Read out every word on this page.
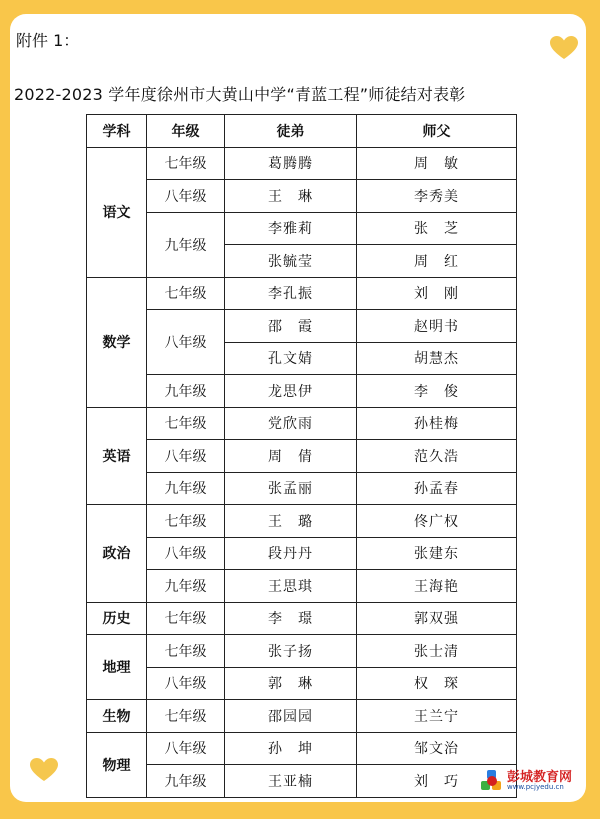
附件 1：
2022-2023 学年度徐州市大黄山中学“青蓝工程”师徒结对表彰
学科	年级	徒弟	师父
语文	七年级	葛腾腾	周　敏
	八年级	王　琳	李秀美
	九年级	李雅莉	张　芝
		张毓莹	周　红
数学	七年级	李孔振	刘　刚
	八年级	邵　霞	赵明书
		孔文婧	胡慧杰
	九年级	龙思伊	李　俊
英语	七年级	党欣雨	孙桂梅
	八年级	周　倩	范久浩
	九年级	张孟丽	孙孟春
政治	七年级	王　璐	佟广权
	八年级	段丹丹	张建东
	九年级	王思琪	王海艳
历史	七年级	李　璟	郭双强
地理	七年级	张子扬	张士清
	八年级	郭　琳	权　琛
生物	七年级	邵园园	王兰宁
物理	八年级	孙　坤	邹文治
	九年级	王亚楠	刘　巧	彭城教育网
www.pcjyedu.cn
